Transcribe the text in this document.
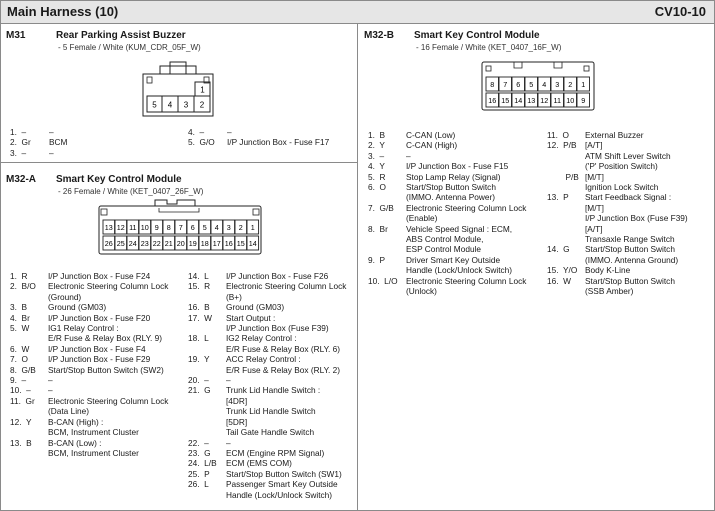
Main Harness (10)	CV10-10
M31	Rear Parking Assist Buzzer
- 5 Female / White (KUM_CDR_05F_W)
1
5 4 3 2
1.  –	–
2.  Gr	BCM
3.  –	–
4.  –	–
5.  G/O	I/P Junction Box - Fuse F17
M32-A Smart Key Control Module
- 26 Female / White (KET_0407_26F_W)
13 12 11 10 9 8 7 6 5 4 3 2 1
26 25 24 23 22 21 20 19 18 17 16 15 14
1.  R	I/P Junction Box - Fuse F24
2.  B/O	Electronic Steering Column Lock
(Ground)
3.  B	Ground (GM03)
4.  Br	I/P Junction Box - Fuse F20
5.  W	IG1 Relay Control :
E/R Fuse & Relay Box (RLY. 9)
6.  W	I/P Junction Box - Fuse F4
7.  O	I/P Junction Box - Fuse F29
8.  G/B	Start/Stop Button Switch (SW2)
9.  –	–
10.  –	–
11.  Gr	Electronic Steering Column Lock
(Data Line)
12.  Y	B-CAN (High) :
BCM, Instrument Cluster
13.  B	B-CAN (Low) :
BCM, Instrument Cluster
14.  L	I/P Junction Box - Fuse F26
15.  R	Electronic Steering Column Lock
(B+)
16.  B	Ground (GM03)
17.  W	Start Output :
I/P Junction Box (Fuse F39)
18.  L	IG2 Relay Control :
E/R Fuse & Relay Box (RLY. 6)
19.  Y	ACC Relay Control :
E/R Fuse & Relay Box (RLY. 2)
20.  –	–
21.  G	Trunk Lid Handle Switch :
[4DR]
Trunk Lid Handle Switch
[5DR]
Tail Gate Handle Switch
22.  –	–
23.  G	ECM (Engine RPM Signal)
24.  L/B	ECM (EMS COM)
25.  P	Start/Stop Button Switch (SW1)
26.  L	Passenger Smart Key Outside
Handle (Lock/Unlock Switch)
M32-B Smart Key Control Module
- 16 Female / White (KET_0407_16F_W)
8 7 6 5 4 3 2 1
16 15 14 13 12 11 10 9
1.  B	C-CAN (Low)
2.  Y	C-CAN (High)
3.  –	–
4.  Y	I/P Junction Box - Fuse F15
5.  R	Stop Lamp Relay (Signal)
6.  O	Start/Stop Button Switch
(IMMO. Antenna Power)
7.  G/B	Electronic Steering Column Lock
(Enable)
8.  Br	Vehicle Speed Signal : ECM,
ABS Control Module,
ESP Control Module
9.  P	Driver Smart Key Outside
Handle (Lock/Unlock Switch)
10.  L/O	Electronic Steering Column Lock
(Unlock)
11.  O	External Buzzer
12.  P/B	[A/T]
ATM Shift Lever Switch
('P' Position Switch)
P/B [M/T]
Ignition Lock Switch
13.  P	Start Feedback Signal :
[M/T]
I/P Junction Box (Fuse F39)
[A/T]
Transaxle Range Switch
14.  G	Start/Stop Button Switch
(IMMO. Antenna Ground)
15.  Y/O Body K-Line
16.  W	Start/Stop Button Switch
(SSB Amber)
